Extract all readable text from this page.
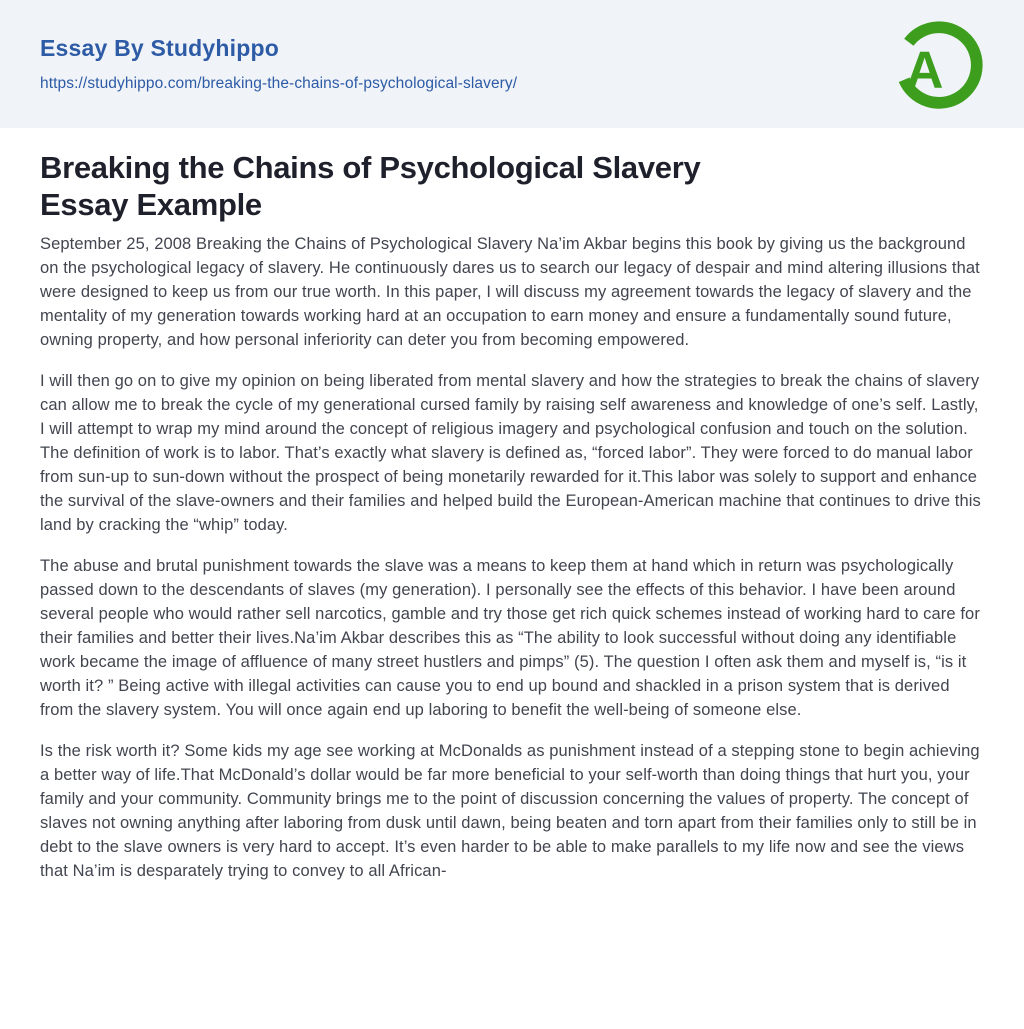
Essay By Studyhippo
https://studyhippo.com/breaking-the-chains-of-psychological-slavery/	A
Breaking the Chains of Psychological Slavery
Essay Example

September 25, 2008 Breaking the Chains of Psychological Slavery Na’im Akbar begins this book by giving us the background on the psychological legacy of slavery. He continuously dares us to search our legacy of despair and mind altering illusions that were designed to keep us from our true worth. In this paper, I will discuss my agreement towards the legacy of slavery and the mentality of my generation towards working hard at an occupation to earn money and ensure a fundamentally sound future, owning property, and how personal inferiority can deter you from becoming empowered.

I will then go on to give my opinion on being liberated from mental slavery and how the strategies to break the chains of slavery can allow me to break the cycle of my generational cursed family by raising self awareness and knowledge of one’s self. Lastly, I will attempt to wrap my mind around the concept of religious imagery and psychological confusion and touch on the solution. The definition of work is to labor. That’s exactly what slavery is defined as, “forced labor”. They were forced to do manual labor from sun-up to sun-down without the prospect of being monetarily rewarded for it.This labor was solely to support and enhance the survival of the slave-owners and their families and helped build the European-American machine that continues to drive this land by cracking the “whip” today.

The abuse and brutal punishment towards the slave was a means to keep them at hand which in return was psychologically passed down to the descendants of slaves (my generation). I personally see the effects of this behavior. I have been around several people who would rather sell narcotics, gamble and try those get rich quick schemes instead of working hard to care for their families and better their lives.Na’im Akbar describes this as “The ability to look successful without doing any identifiable work became the image of affluence of many street hustlers and pimps” (5). The question I often ask them and myself is, “is it worth it? ” Being active with illegal activities can cause you to end up bound and shackled in a prison system that is derived from the slavery system. You will once again end up laboring to benefit the well-being of someone else.

Is the risk worth it? Some kids my age see working at McDonalds as punishment instead of a stepping stone to begin achieving a better way of life.That McDonald’s dollar would be far more beneficial to your self-worth than doing things that hurt you, your family and your community. Community brings me to the point of discussion concerning the values of property. The concept of slaves not owning anything after laboring from dusk until dawn, being beaten and torn apart from their families only to still be in debt to the slave owners is very hard to accept. It’s even harder to be able to make parallels to my life now and see the views that Na’im is desparately trying to convey to all African-
